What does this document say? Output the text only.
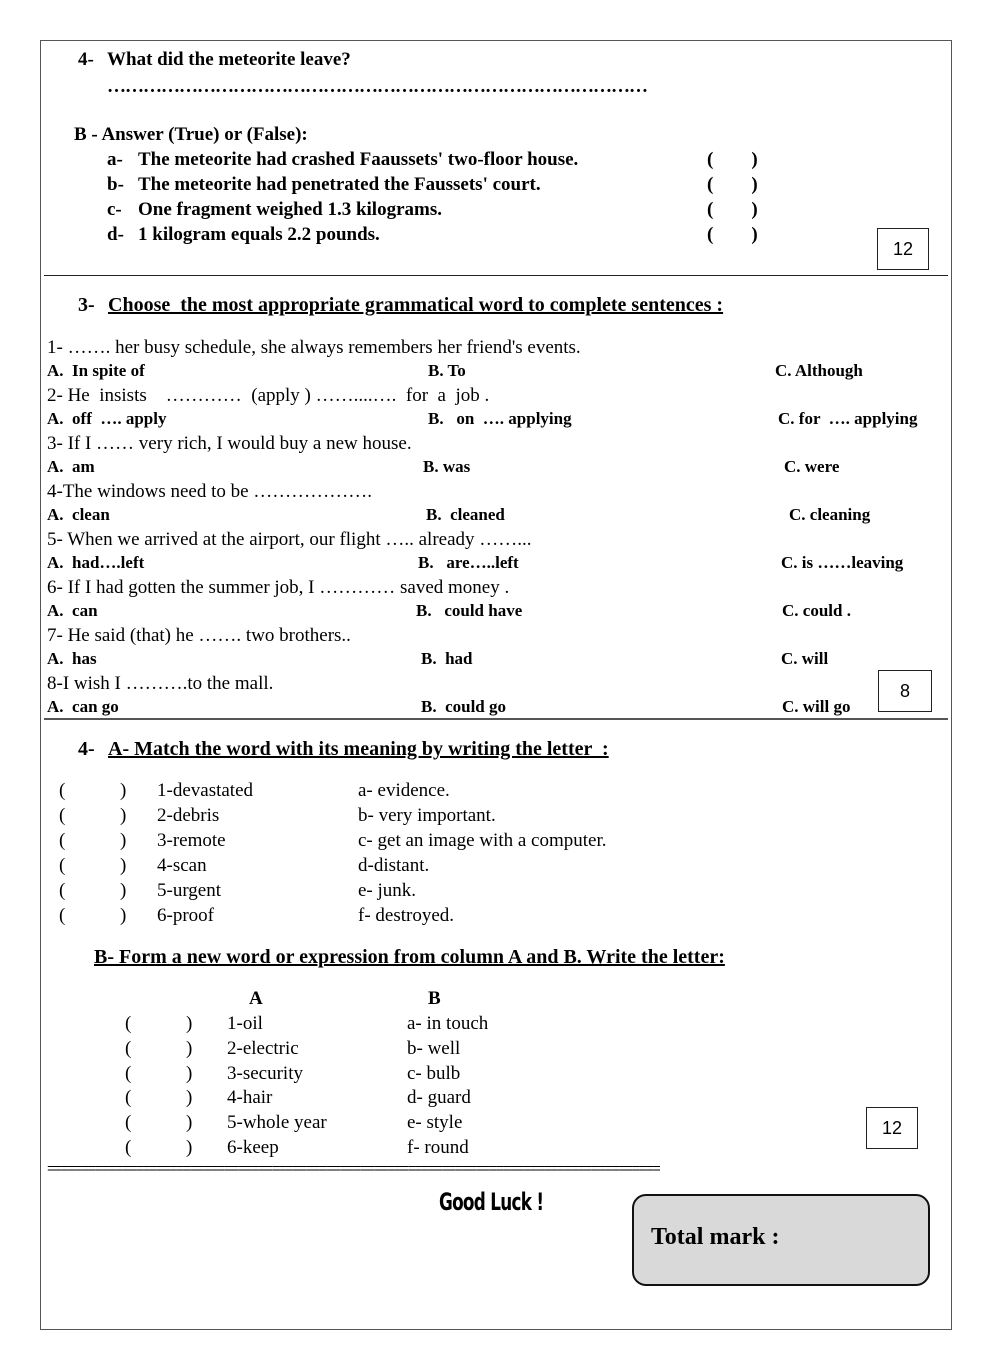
4- What did the meteorite leave?
………………………………………………………………………………
B - Answer (True) or (False):
a- The meteorite had crashed Faaussets' two-floor house.	(        )
b- The meteorite had penetrated the Faussets' court.	(        )
c- One fragment weighed 1.3 kilograms.	(        )
d- 1 kilogram equals 2.2 pounds.	(        )
12
3- Choose  the most appropriate grammatical word to complete sentences :
1- ……. her busy schedule, she always remembers her friend's events.
A.  In spite of	B. To	C. Although
2- He  insists    …………  (apply ) ……....….  for  a  job .
A.  off  …. apply	B.   on  …. applying	C. for  …. applying
3- If I …… very rich, I would buy a new house.
A.  am	B. was	C. were
4-The windows need to be ……………….
A.  clean	B.  cleaned	C. cleaning
5- When we arrived at the airport, our flight ….. already ……...
A.  had….left	B.   are…..left	C. is ……leaving
6- If I had gotten the summer job, I ………… saved money .
A.  can	B.   could have	C. could .
7- He said (that) he ……. two brothers..
A.  has	B.  had	C. will
8-I wish I ……….to the mall.
A.  can go	B.  could go	C. will go
8
4- A- Match the word with its meaning by writing the letter  :
(	) 1-devastated	a- evidence.
(	) 2-debris	b- very important.
(	) 3-remote	c- get an image with a computer.
(	) 4-scan	d-distant.
(	) 5-urgent	e- junk.
(	) 6-proof	f- destroyed.
B- Form a new word or expression from column A and B. Write the letter:
A	B
(	) 1-oil	a- in touch
(	) 2-electric	b- well
(	) 3-security	c- bulb
(	) 4-hair	d- guard
(	) 5-whole year	e- style
(	) 6-keep	f- round
12
==========================================================================================
Good Luck !
Total mark :
